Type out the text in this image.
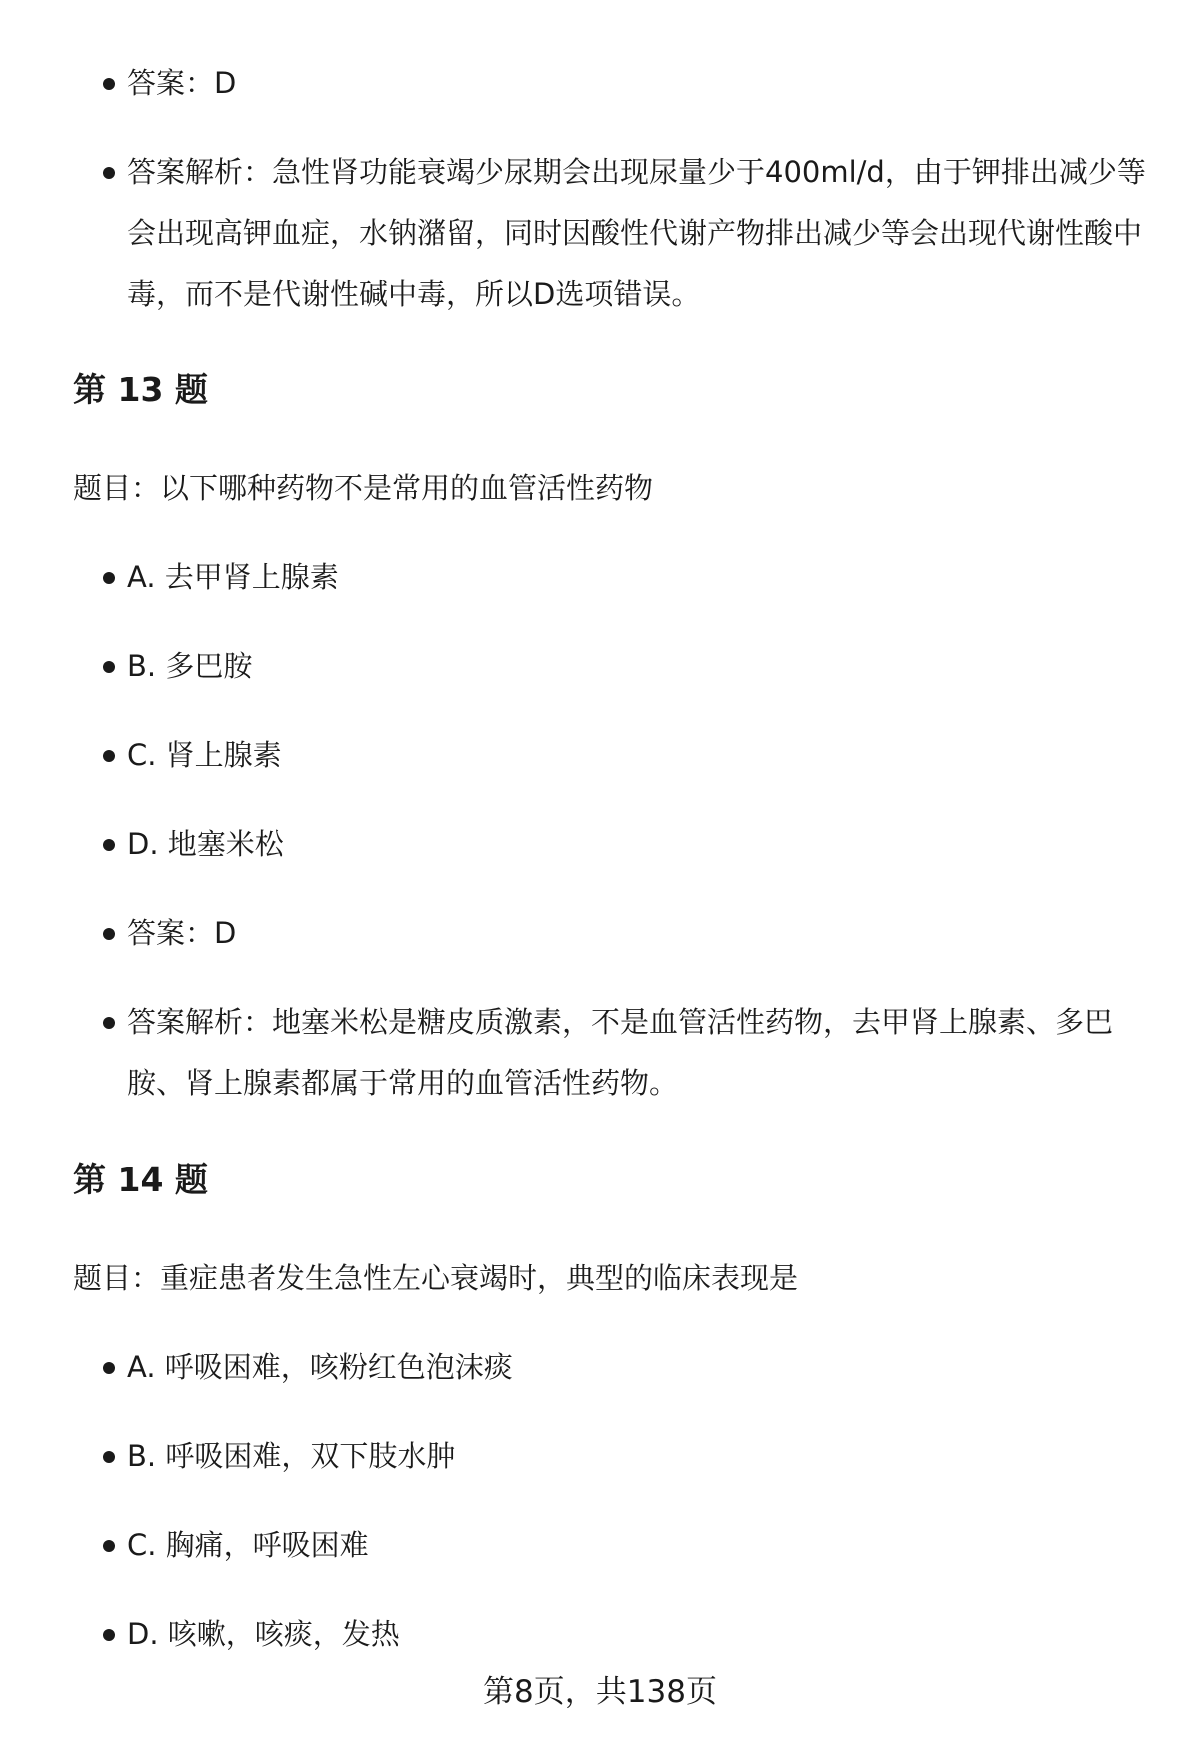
答案：D
答案解析：急性肾功能衰竭少尿期会出现尿量少于400ml/d，由于钾排出减少等会出现高钾血症，水钠潴留，同时因酸性代谢产物排出减少等会出现代谢性酸中毒，而不是代谢性碱中毒，所以D选项错误。
第 13 题
题目：以下哪种药物不是常用的血管活性药物
A. 去甲肾上腺素
B. 多巴胺
C. 肾上腺素
D. 地塞米松
答案：D
答案解析：地塞米松是糖皮质激素，不是血管活性药物，去甲肾上腺素、多巴胺、肾上腺素都属于常用的血管活性药物。
第 14 题
题目：重症患者发生急性左心衰竭时，典型的临床表现是
A. 呼吸困难，咳粉红色泡沫痰
B. 呼吸困难，双下肢水肿
C. 胸痛，呼吸困难
D. 咳嗽，咳痰，发热
第8页，共138页
